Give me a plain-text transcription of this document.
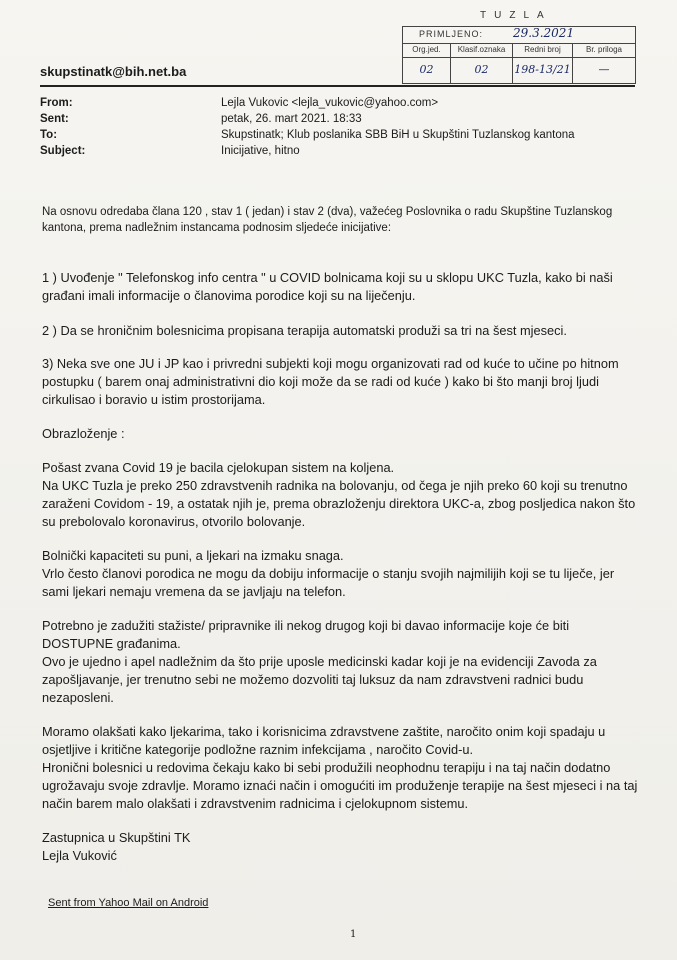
TUZLA
PRIMLJENO: 29.3.2021
Org.jed.	Klasif.oznaka	Redni broj	Br. priloga
02	02	198-13/21	—
skupstinatk@bih.net.ba
From:	Lejla Vukovic <lejla_vukovic@yahoo.com>
Sent:	petak, 26. mart 2021. 18:33
To:	Skupstinatk; Klub poslanika SBB BiH u Skupštini Tuzlanskog kantona
Subject:	Inicijative, hitno

Na osnovu odredaba člana 120 , stav 1 ( jedan) i stav 2 (dva), važećeg Poslovnika o radu Skupštine Tuzlanskog kantona, prema nadležnim instancama podnosim sljedeće inicijative:

1 ) Uvođenje " Telefonskog info centra " u COVID bolnicama koji su u sklopu UKC Tuzla, kako bi naši građani imali informacije o članovima porodice koji su na liječenju.

2 ) Da se hroničnim bolesnicima propisana terapija automatski produži sa tri na šest mjeseci.

3) Neka sve one JU i JP kao i privredni subjekti koji mogu organizovati rad od kuće to učine po hitnom postupku ( barem onaj administrativni dio koji može da se radi od kuće ) kako bi što manji broj ljudi cirkulisao i boravio u istim prostorijama.

Obrazloženje :

Pošast zvana Covid 19 je bacila cjelokupan sistem na koljena.
Na UKC Tuzla je preko 250 zdravstvenih radnika na bolovanju, od čega je njih preko 60 koji su trenutno zaraženi Covidom - 19, a ostatak njih je, prema obrazloženju direktora UKC-a, zbog posljedica nakon što su prebolovalo koronavirus, otvorilo bolovanje.

Bolnički kapaciteti su puni, a ljekari na izmaku snaga.
Vrlo često članovi porodica ne mogu da dobiju informacije o stanju svojih najmilijih koji se tu liječe, jer sami ljekari nemaju vremena da se javljaju na telefon.

Potrebno je zadužiti stažiste/ pripravnike ili nekog drugog koji bi davao informacije koje će biti DOSTUPNE građanima.
Ovo je ujedno i apel nadležnim da što prije uposle medicinski kadar koji je na evidenciji Zavoda za zapošljavanje, jer trenutno sebi ne možemo dozvoliti taj luksuz da nam zdravstveni radnici budu nezaposleni.

Moramo olakšati kako ljekarima, tako i korisnicima zdravstvene zaštite, naročito onim koji spadaju u osjetljive i kritične kategorije podložne raznim infekcijama , naročito Covid-u.
Hronični bolesnici u redovima čekaju kako bi sebi produžili neophodnu terapiju i na taj način dodatno ugrožavaju svoje zdravlje. Moramo iznaći način i omogućiti im produženje terapije na šest mjeseci i na taj način barem malo olakšati i zdravstvenim radnicima i cjelokupnom sistemu.

Zastupnica u Skupštini TK
Lejla Vuković

Sent from Yahoo Mail on Android
1
